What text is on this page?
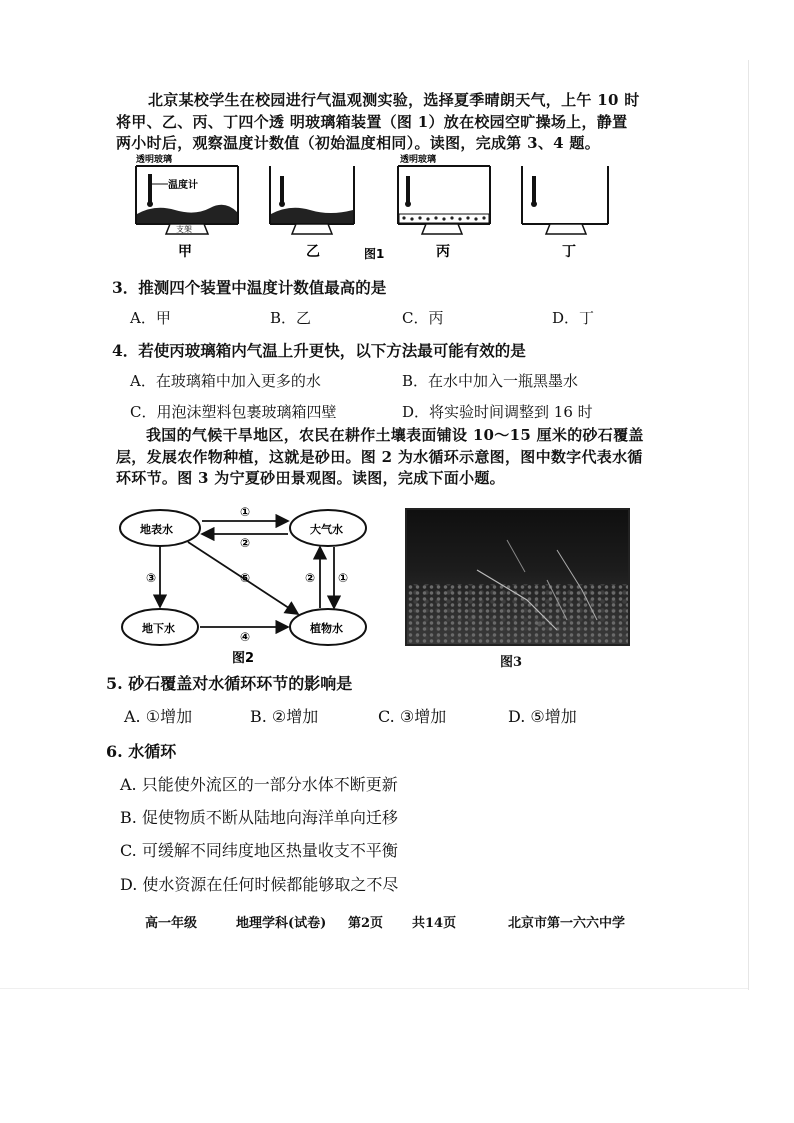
北京某校学生在校园进行气温观测实验，选择夏季晴朗天气，上午 10 时

将甲、乙、丙、丁四个透 明玻璃箱装置（图 1）放在校园空旷操场上，静置

两小时后，观察温度计数值（初始温度相同）。读图，完成第 3、4 题。

透明玻璃
温度计
支架
甲	乙	图1
透明玻璃
丙	丁
3．推测四个装置中温度计数值最高的是
A．甲	B．乙	C．丙	D．丁
4．若使丙玻璃箱内气温上升更快，以下方法最可能有效的是
A．在玻璃箱中加入更多的水	B．在水中加入一瓶黑墨水
C．用泡沫塑料包裹玻璃箱四壁	D．将实验时间调整到 16 时

我国的气候干旱地区，农民在耕作土壤表面铺设 10～15 厘米的砂石覆盖

层，发展农作物种植，这就是砂田。图 2 为水循环示意图，图中数字代表水循

环环节。图 3 为宁夏砂田景观图。读图，完成下面小题。

地表水	大气水
地下水	植物水
①
②
③	⑤	② ①
④
图2	图3
5. 砂石覆盖对水循环环节的影响是
A. ①增加	B. ②增加	C. ③增加	D. ⑤增加
6. 水循环
A. 只能使外流区的一部分水体不断更新
B. 促使物质不断从陆地向海洋单向迁移
C. 可缓解不同纬度地区热量收支不平衡
D. 使水资源在任何时候都能够取之不尽
高一年级	地理学科(试卷) 第2页 共14页	北京市第一六六中学
